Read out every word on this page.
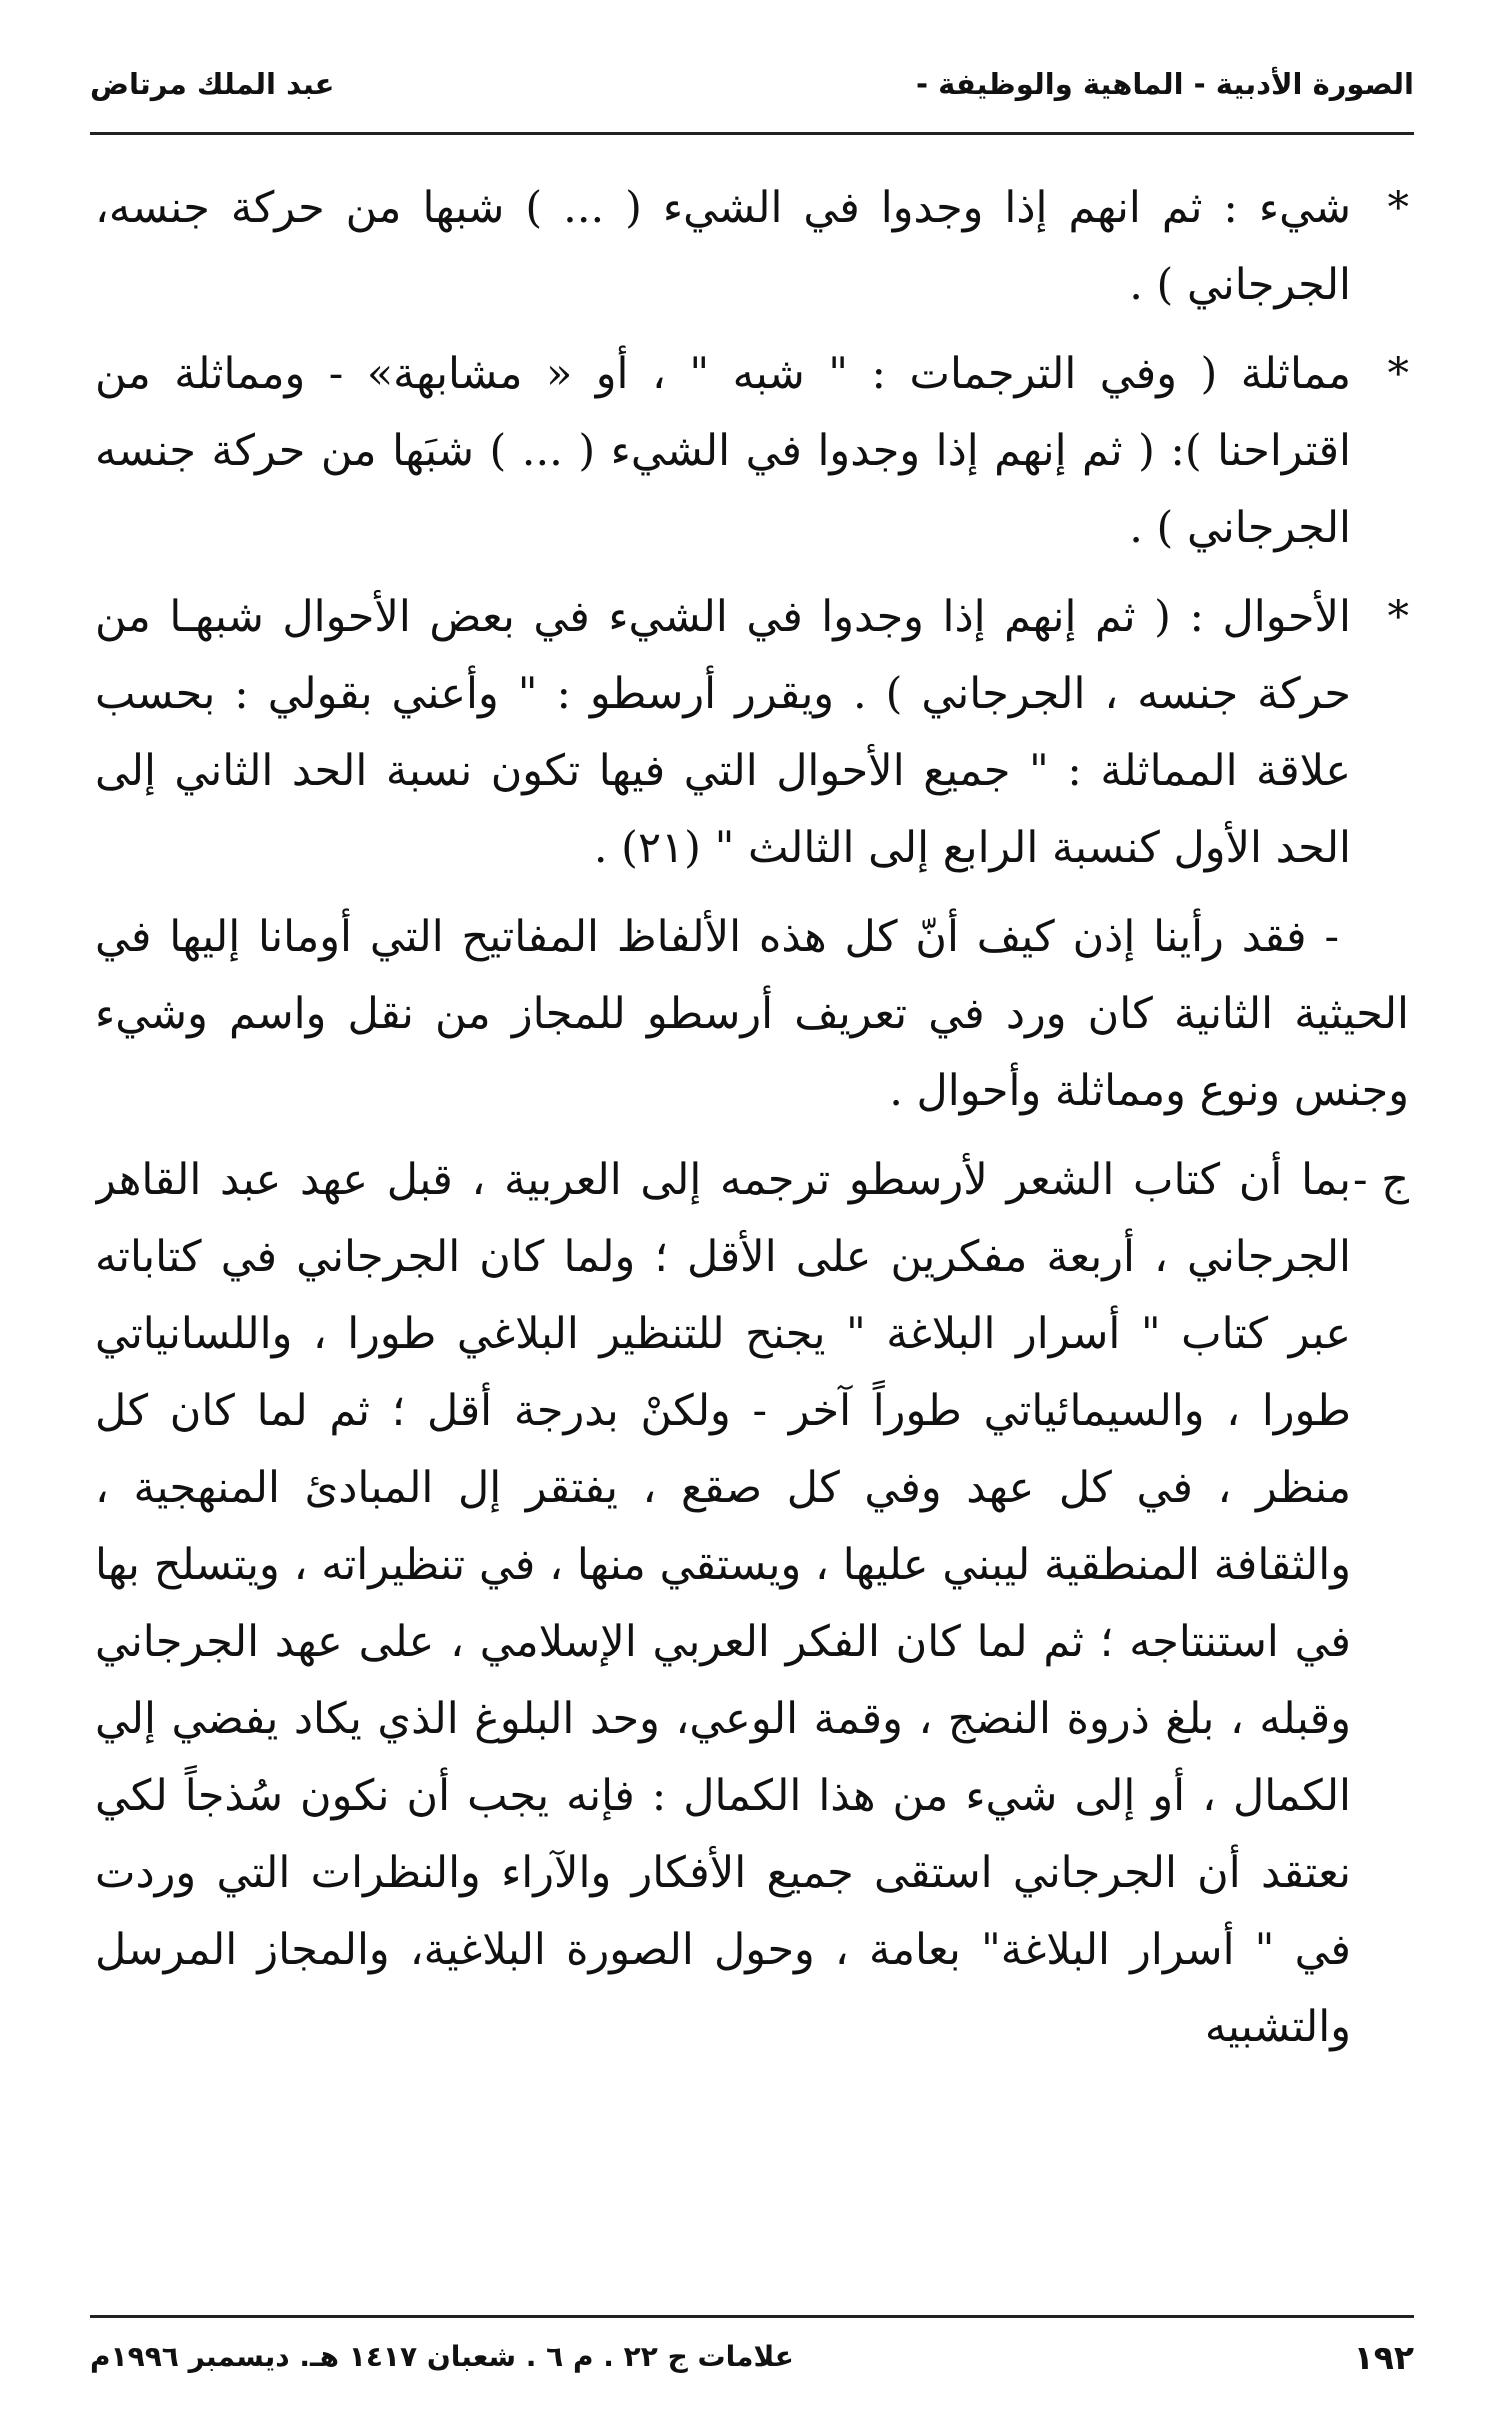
الصورة الأدبية - الماهية والوظيفة -
عبد الملك مرتاض

*شيء : ثم انهم إذا وجدوا في الشيء ( ... ) شبها من حركة جنسه، الجرجاني ) .

*مماثلة ( وفي الترجمات : " شبه " ، أو « مشابهة» - ومماثلة من اقتراحنا ): ( ثم إنهم إذا وجدوا في الشيء ( ... ) شبَها من حركة جنسه الجرجاني ) .

*الأحوال : ( ثم إنهم إذا وجدوا في الشيء في بعض الأحوال شبهـا من حركة جنسه ، الجرجاني ) . ويقرر أرسطو : " وأعني بقولي : بحسب علاقة المماثلة : " جميع الأحوال التي فيها تكون نسبة الحد الثاني إلى الحد الأول كنسبة الرابع إلى الثالث " (٢١) .

- فقد رأينا إذن كيف أنّ كل هذه الألفاظ المفاتيح التي أومانا إليها في الحيثية الثانية كان ورد في تعريف أرسطو للمجاز من نقل واسم وشيء وجنس ونوع ومماثلة وأحوال .

ج -بما أن كتاب الشعر لأرسطو ترجمه إلى العربية ، قبل عهد عبد القاهر الجرجاني ، أربعة مفكرين على الأقل ؛ ولما كان الجرجاني في كتاباته عبر كتاب " أسرار البلاغة " يجنح للتنظير البلاغي طورا ، واللسانياتي طورا ، والسيمائياتي طوراً آخر - ولكنْ بدرجة أقل ؛ ثم لما كان كل منظر ، في كل عهد وفي كل صقع ، يفتقر إل المبادئ المنهجية ، والثقافة المنطقية ليبني عليها ، ويستقي منها ، في تنظيراته ، ويتسلح بها في استنتاجه ؛ ثم لما كان الفكر العربي الإسلامي ، على عهد الجرجاني وقبله ، بلغ ذروة النضج ، وقمة الوعي، وحد البلوغ الذي يكاد يفضي إلي الكمال ، أو إلى شيء من هذا الكمال : فإنه يجب أن نكون سُذجاً لكي نعتقد أن الجرجاني استقى جميع الأفكار والآراء والنظرات التي وردت في " أسرار البلاغة" بعامة ، وحول الصورة البلاغية، والمجاز المرسل والتشبيه

١٩٢
علامات ج ٢٢ . م ٦ . شعبان ١٤١٧ هـ. ديسمبر ١٩٩٦م
